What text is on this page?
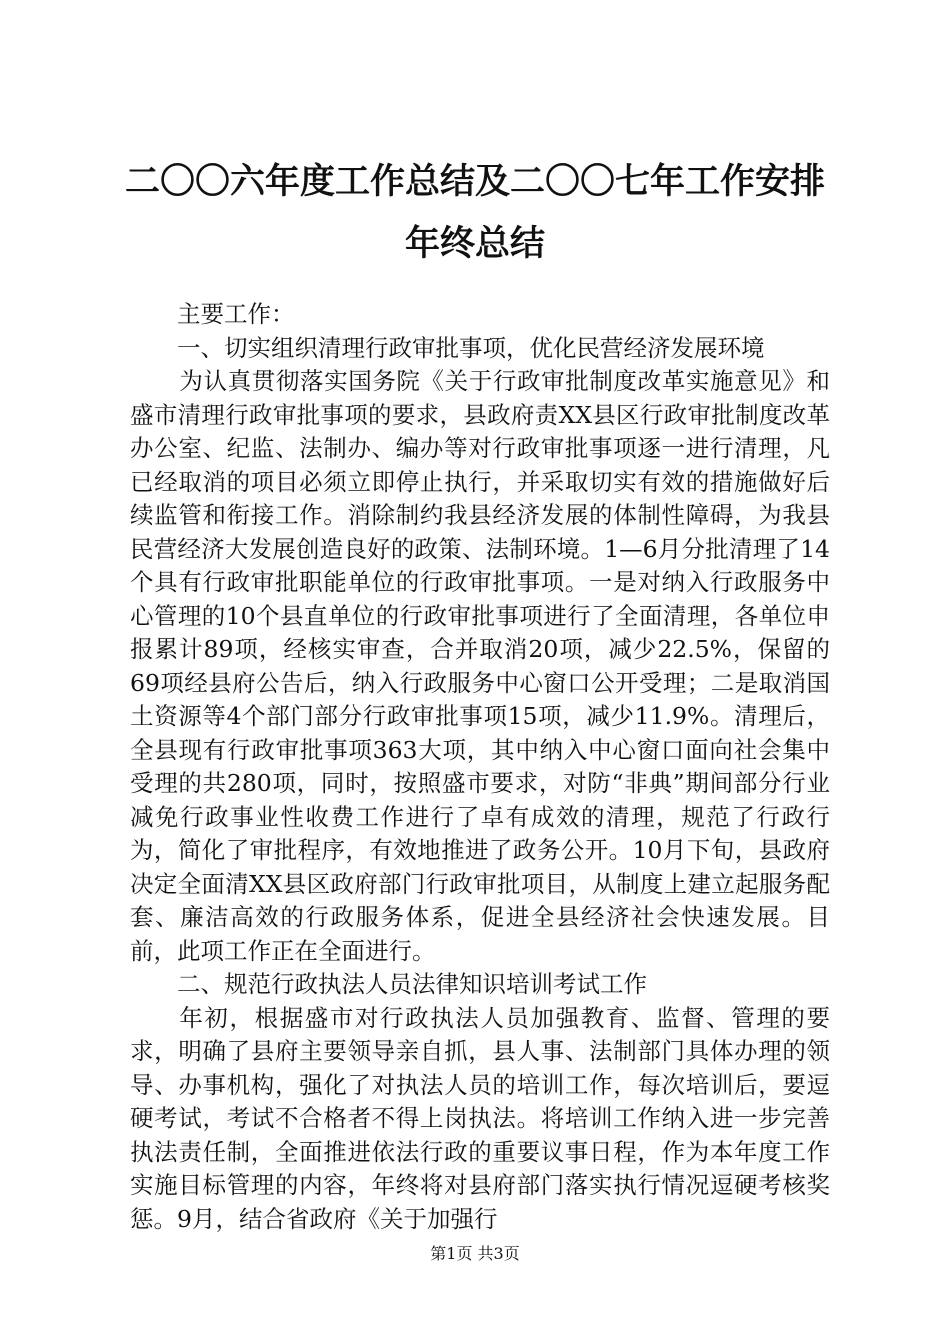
二〇〇六年度工作总结及二〇〇七年工作安排
年终总结

主要工作：

一、切实组织清理行政审批事项，优化民营经济发展环境

为认真贯彻落实国务院《关于行政审批制度改革实施意见》和盛市清理行政审批事项的要求，县政府责XX县区行政审批制度改革办公室、纪监、法制办、编办等对行政审批事项逐一进行清理，凡已经取消的项目必须立即停止执行，并采取切实有效的措施做好后续监管和衔接工作。消除制约我县经济发展的体制性障碍，为我县民营经济大发展创造良好的政策、法制环境。1—6月分批清理了14个具有行政审批职能单位的行政审批事项。一是对纳入行政服务中心管理的10个县直单位的行政审批事项进行了全面清理，各单位申报累计89项，经核实审查，合并取消20项，减少22.5%，保留的69项经县府公告后，纳入行政服务中心窗口公开受理；二是取消国土资源等4个部门部分行政审批事项15项，减少11.9%。清理后，全县现有行政审批事项363大项，其中纳入中心窗口面向社会集中受理的共280项，同时，按照盛市要求，对防“非典”期间部分行业减免行政事业性收费工作进行了卓有成效的清理，规范了行政行为，简化了审批程序，有效地推进了政务公开。10月下旬，县政府决定全面清XX县区政府部门行政审批项目，从制度上建立起服务配套、廉洁高效的行政服务体系，促进全县经济社会快速发展。目前，此项工作正在全面进行。

二、规范行政执法人员法律知识培训考试工作

年初，根据盛市对行政执法人员加强教育、监督、管理的要求，明确了县府主要领导亲自抓，县人事、法制部门具体办理的领导、办事机构，强化了对执法人员的培训工作，每次培训后，要逗硬考试，考试不合格者不得上岗执法。将培训工作纳入进一步完善执法责任制，全面推进依法行政的重要议事日程，作为本年度工作实施目标管理的内容，年终将对县府部门落实执行情况逗硬考核奖惩。9月，结合省政府《关于加强行

第1页 共3页
